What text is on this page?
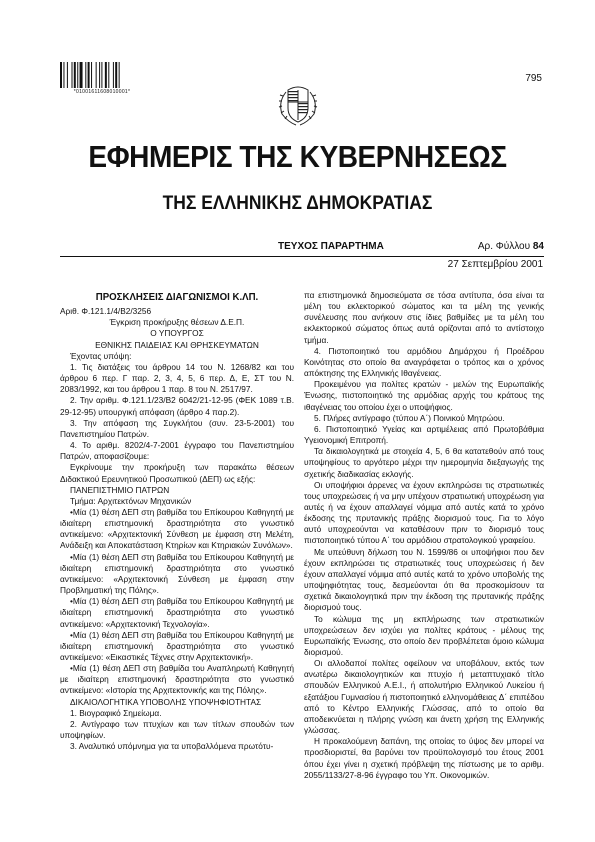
*01001611608010001*
795
ΕΦΗΜΕΡΙΣ ΤΗΣ ΚΥΒΕΡΝΗΣΕΩΣ
ΤΗΣ ΕΛΛΗΝΙΚΗΣ ΔΗΜΟΚΡΑΤΙΑΣ
ΤΕΥΧΟΣ ΠΑΡΑΡΤΗΜΑ	Αρ. Φύλλου 84
27 Σεπτεμβρίου 2001

ΠΡΟΣΚΛΗΣΕΙΣ ΔΙΑΓΩΝΙΣΜΟΙ Κ.ΛΠ.

Αριθ. Φ.121.1/4/Β2/3256

Έγκριση προκήρυξης θέσεων Δ.Ε.Π.

Ο ΥΠΟΥΡΓΟΣ

ΕΘΝΙΚΗΣ ΠΑΙΔΕΙΑΣ ΚΑΙ ΘΡΗΣΚΕΥΜΑΤΩΝ

Έχοντας υπόψη:

1. Τις διατάξεις του άρθρου 14 του Ν. 1268/82 και του άρθρου 6 περ. Γ παρ. 2, 3, 4, 5, 6 περ. Δ, Ε, ΣΤ του Ν. 2083/1992, και του άρθρου 1 παρ. 8 του Ν. 2517/97.

2. Την αριθμ. Φ.121.1/23/Β2 6042/21-12-95 (ΦΕΚ 1089 τ.Β. 29-12-95) υπουργική απόφαση (άρθρο 4 παρ.2).

3. Την απόφαση της Συγκλήτου (συν. 23-5-2001) του Πανεπιστημίου Πατρών.

4. Το αριθμ. 8202/4-7-2001 έγγραφο του Πανεπιστημίου Πατρών, αποφασίζουμε:

Εγκρίνουμε την προκήρυξη των παρακάτω θέσεων Διδακτικού Ερευνητικού Προσωπικού (ΔΕΠ) ως εξής:

ΠΑΝΕΠΙΣΤΗΜΙΟ ΠΑΤΡΩΝ

Τμήμα: Αρχιτεκτόνων Μηχανικών

• Μία (1) θέση ΔΕΠ στη βαθμίδα του Επίκουρου Καθηγητή με ιδιαίτερη επιστημονική δραστηριότητα στο γνωστικό αντικείμενο: «Αρχιτεκτονική Σύνθεση με έμφαση στη Μελέτη, Ανάδειξη και Αποκατάσταση Κτηρίων και Κτηριακών Συνόλων».

• Μία (1) θέση ΔΕΠ στη βαθμίδα του Επίκουρου Καθηγητή με ιδιαίτερη επιστημονική δραστηριότητα στο γνωστικό αντικείμενο: «Αρχιτεκτονική Σύνθεση με έμφαση στην Προβληματική της Πόλης».

• Μία (1) θέση ΔΕΠ στη βαθμίδα του Επίκουρου Καθηγητή με ιδιαίτερη επιστημονική δραστηριότητα στο γνωστικό αντικείμενο: «Αρχιτεκτονική Τεχνολογία».

• Μία (1) θέση ΔΕΠ στη βαθμίδα του Επίκουρου Καθηγητή με ιδιαίτερη επιστημονική δραστηριότητα στο γνωστικό αντικείμενο: «Εικαστικές Τέχνες στην Αρχιτεκτονική».

• Μία (1) θέση ΔΕΠ στη βαθμίδα του Αναπληρωτή Καθηγητή με ιδιαίτερη επιστημονική δραστηριότητα στο γνωστικό αντικείμενο: «Ιστορία της Αρχιτεκτονικής και της Πόλης».

ΔΙΚΑΙΟΛΟΓΗΤΙΚΑ ΥΠΟΒΟΛΗΣ ΥΠΟΨΗΦΙΟΤΗΤΑΣ

1. Βιογραφικό Σημείωμα.

2. Αντίγραφο των πτυχίων και των τίτλων σπουδών των υποψηφίων.

3. Αναλυτικό υπόμνημα για τα υποβαλλόμενα πρωτότυ-

πα επιστημονικά δημοσιεύματα σε τόσα αντίτυπα, όσα είναι τα μέλη του εκλεκτορικού σώματος και τα μέλη της γενικής συνέλευσης που ανήκουν στις ίδιες βαθμίδες με τα μέλη του εκλεκτορικού σώματος όπως αυτά ορίζονται από το αντίστοιχο τμήμα.

4. Πιστοποιητικό του αρμόδιου Δημάρχου ή Προέδρου Κοινότητας στο οποίο θα αναγράφεται ο τρόπος και ο χρόνος απόκτησης της Ελληνικής Ιθαγένειας.

Προκειμένου για πολίτες κρατών - μελών της Ευρωπαϊκής Ένωσης, πιστοποιητικό της αρμόδιας αρχής του κράτους της ιθαγένειας του οποίου έχει ο υποψήφιος.

5. Πλήρες αντίγραφο (τύπου Α΄) Ποινικού Μητρώου.

6. Πιστοποιητικό Υγείας και αρτιμέλειας από Πρωτοβάθμια Υγειονομική Επιτροπή.

Τα δικαιολογητικά με στοιχεία 4, 5, 6 θα κατατεθούν από τους υποψηφίους το αργότερο μέχρι την ημερομηνία διεξαγωγής της σχετικής διαδικασίας εκλογής.

Οι υποψήφιοι άρρενες να έχουν εκπληρώσει τις στρατιωτικές τους υποχρεώσεις ή να μην υπέχουν στρατιωτική υποχρέωση για αυτές ή να έχουν απαλλαγεί νόμιμα από αυτές κατά το χρόνο έκδοσης της πρυτανικής πράξης διορισμού τους. Για το λόγο αυτό υποχρεούνται να καταθέσουν πριν το διορισμό τους πιστοποιητικό τύπου Α΄ του αρμόδιου στρατολογικού γραφείου.

Με υπεύθυνη δήλωση του Ν. 1599/86 οι υποψήφιοι που δεν έχουν εκπληρώσει τις στρατιωτικές τους υποχρεώσεις ή δεν έχουν απαλλαγεί νόμιμα από αυτές κατά το χρόνο υποβολής της υποψηφιότητας τους, δεσμεύονται ότι θα προσκομίσουν τα σχετικά δικαιολογητικά πριν την έκδοση της πρυτανικής πράξης διορισμού τους.

Το κώλυμα της μη εκπλήρωσης των στρατιωτικών υποχρεώσεων δεν ισχύει για πολίτες κράτους - μέλους της Ευρωπαϊκής Ένωσης, στο οποίο δεν προβλέπεται όμοιο κώλυμα διορισμού.

Οι αλλοδαποί πολίτες οφείλουν να υποβάλουν, εκτός των ανωτέρω δικαιολογητικών και πτυχίο ή μεταπτυχιακό τίτλο σπουδών Ελληνικού Α.Ε.Ι., ή απολυτήριο Ελληνικού Λυκείου ή εξατάξιου Γυμνασίου ή πιστοποιητικό ελληνομάθειας Δ΄ επιπέδου από το Κέντρο Ελληνικής Γλώσσας, από το οποίο θα αποδεικνύεται η πλήρης γνώση και άνετη χρήση της Ελληνικής γλώσσας.

Η προκαλούμενη δαπάνη, της οποίας το ύψος δεν μπορεί να προσδιοριστεί, θα βαρύνει τον προϋπολογισμό του έτους 2001 όπου έχει γίνει η σχετική πρόβλεψη της πίστωσης με το αριθμ. 2055/1133/27-8-96 έγγραφο του Υπ. Οικονομικών.
